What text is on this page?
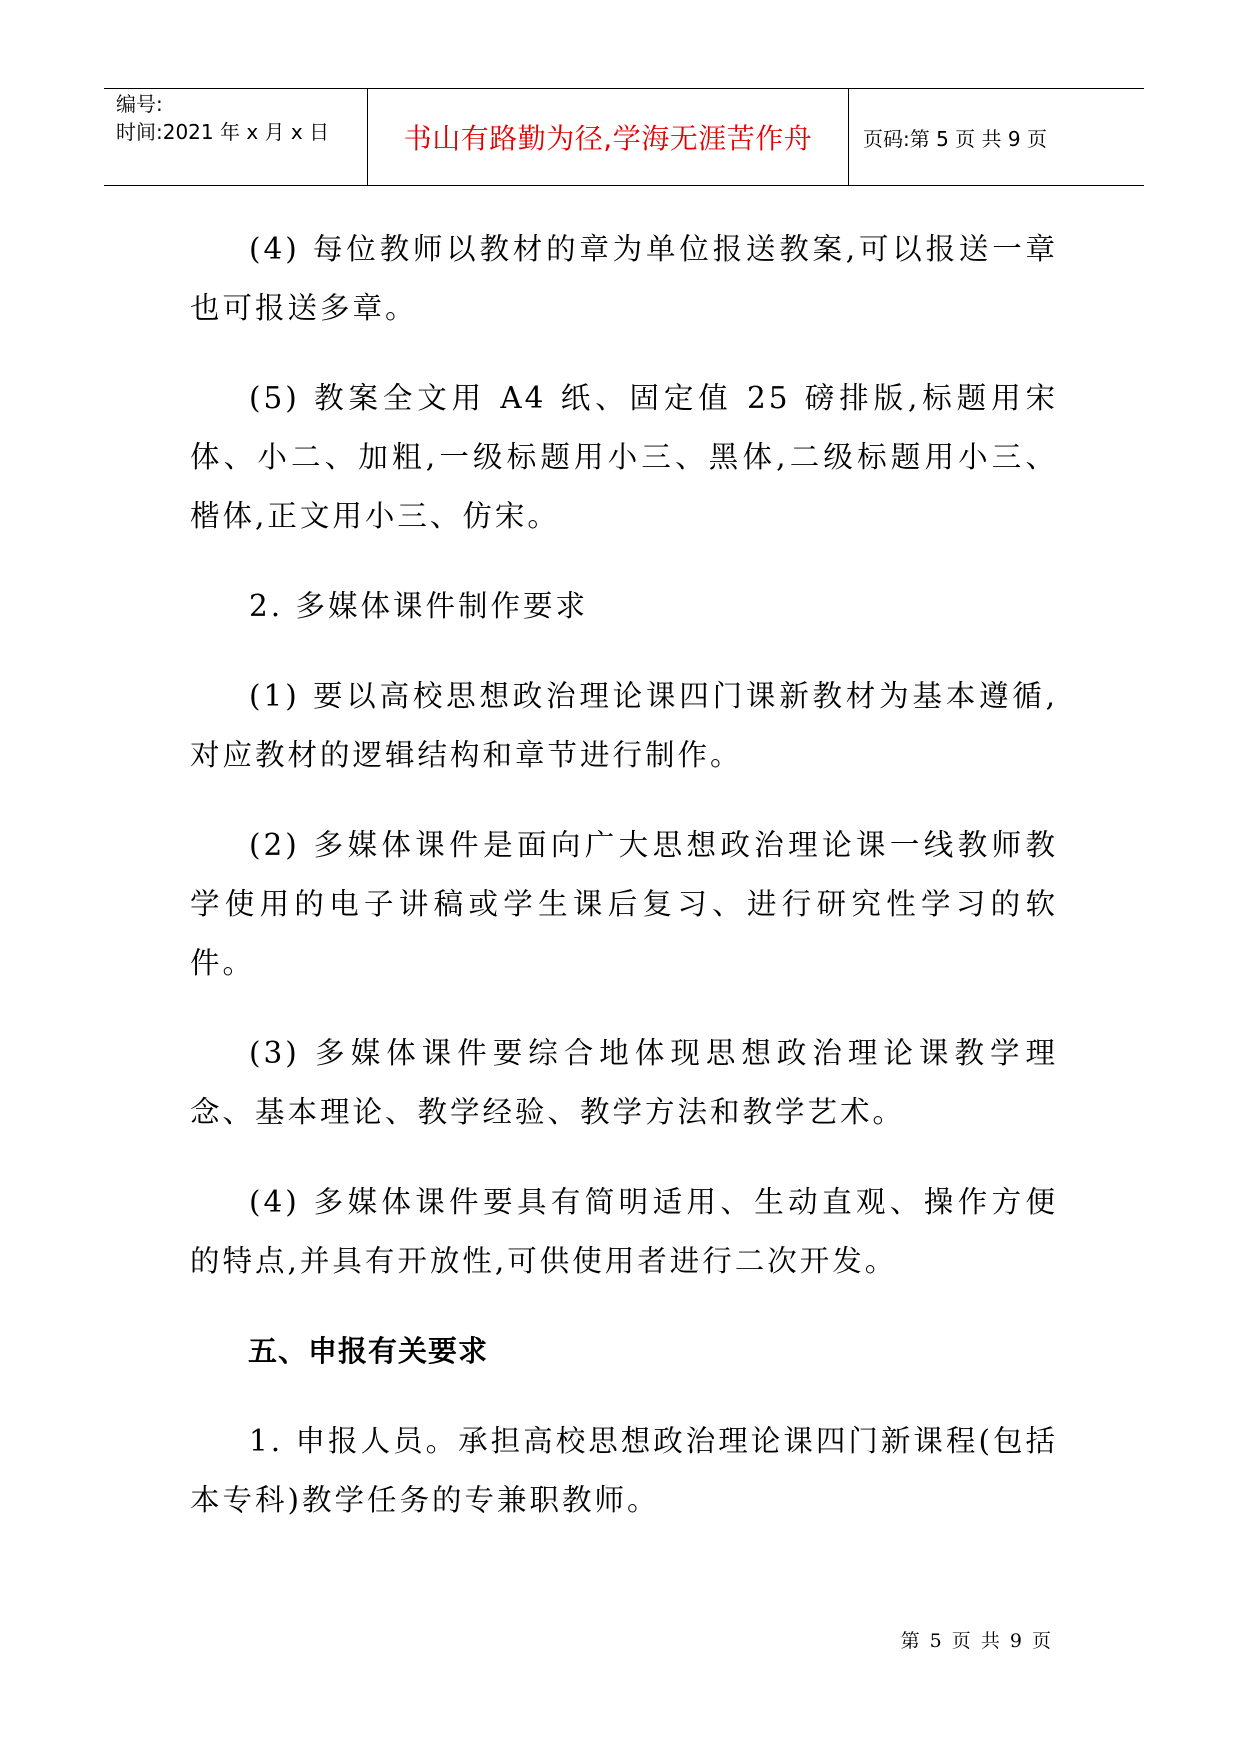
编号:
时间:2021 年 x 月 x 日	书山有路勤为径,学海无涯苦作舟	页码:第 5 页 共 9 页

(4) 每位教师以教材的章为单位报送教案,可以报送一章也可报送多章。

(5) 教案全文用 A4 纸、固定值 25 磅排版,标题用宋体、小二、加粗,一级标题用小三、黑体,二级标题用小三、楷体,正文用小三、仿宋。

2. 多媒体课件制作要求

(1) 要以高校思想政治理论课四门课新教材为基本遵循,对应教材的逻辑结构和章节进行制作。

(2) 多媒体课件是面向广大思想政治理论课一线教师教学使用的电子讲稿或学生课后复习、进行研究性学习的软件。

(3) 多媒体课件要综合地体现思想政治理论课教学理念、基本理论、教学经验、教学方法和教学艺术。

(4) 多媒体课件要具有简明适用、生动直观、操作方便的特点,并具有开放性,可供使用者进行二次开发。

五、申报有关要求

1. 申报人员。承担高校思想政治理论课四门新课程(包括本专科)教学任务的专兼职教师。

第 5 页 共 9 页
